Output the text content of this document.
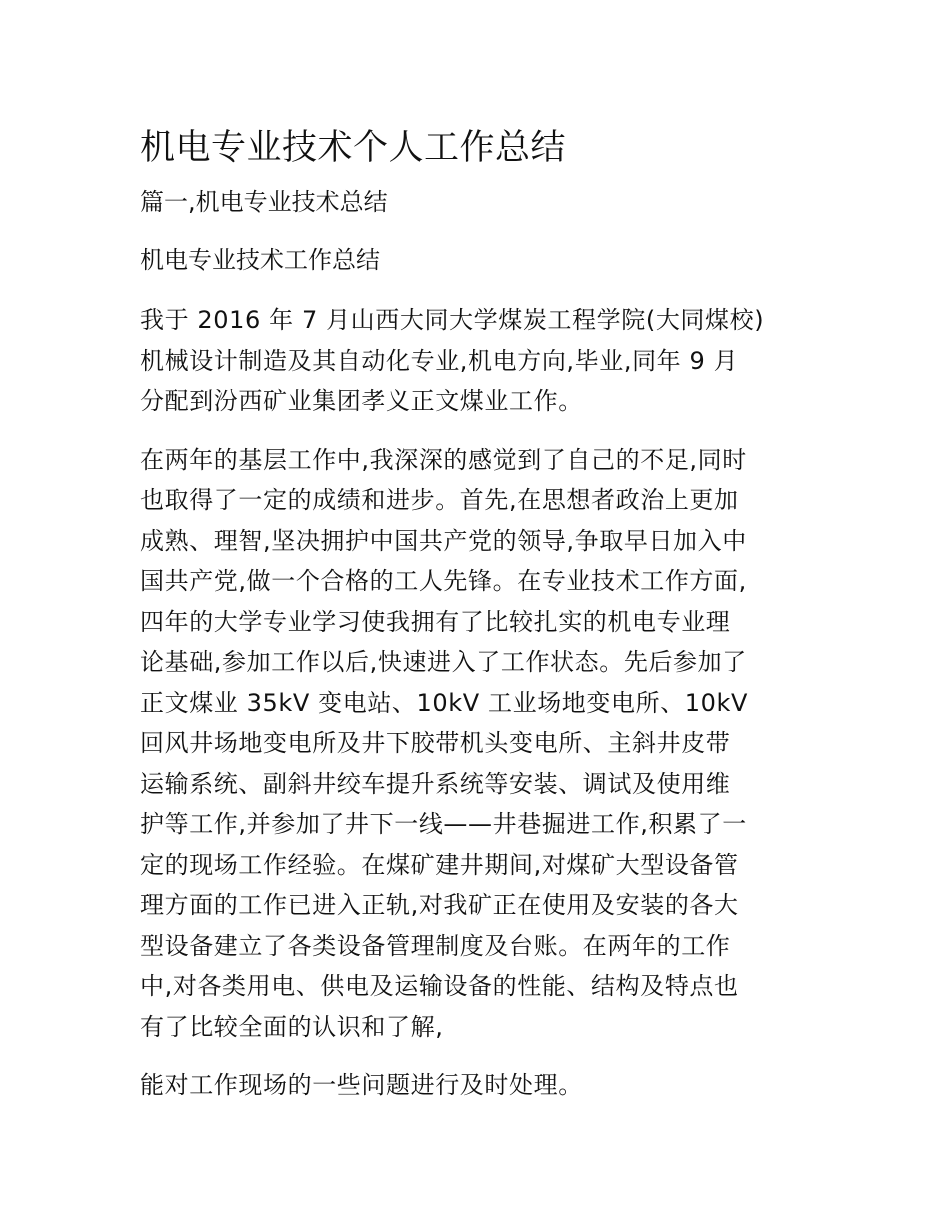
机电专业技术个人工作总结
篇一,机电专业技术总结
机电专业技术工作总结
我于 2016 年 7 月山西大同大学煤炭工程学院(大同煤校)
机械设计制造及其自动化专业,机电方向,毕业,同年 9 月
分配到汾西矿业集团孝义正文煤业工作。
在两年的基层工作中,我深深的感觉到了自己的不足,同时
也取得了一定的成绩和进步。首先,在思想者政治上更加
成熟、理智,坚决拥护中国共产党的领导,争取早日加入中
国共产党,做一个合格的工人先锋。在专业技术工作方面,
四年的大学专业学习使我拥有了比较扎实的机电专业理
论基础,参加工作以后,快速进入了工作状态。先后参加了
正文煤业 35kV 变电站、10kV 工业场地变电所、10kV
回风井场地变电所及井下胶带机头变电所、主斜井皮带
运输系统、副斜井绞车提升系统等安装、调试及使用维
护等工作,并参加了井下一线——井巷掘进工作,积累了一
定的现场工作经验。在煤矿建井期间,对煤矿大型设备管
理方面的工作已进入正轨,对我矿正在使用及安装的各大
型设备建立了各类设备管理制度及台账。在两年的工作
中,对各类用电、供电及运输设备的性能、结构及特点也
有了比较全面的认识和了解,
能对工作现场的一些问题进行及时处理。
